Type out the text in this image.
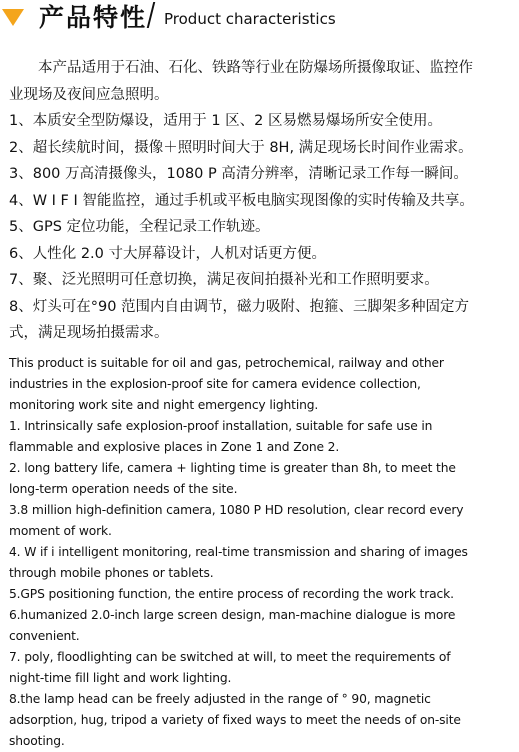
产品特性 Product characteristics

本产品适用于石油、石化、铁路等行业在防爆场所摄像取证、监控作业现场及夜间应急照明。

1、本质安全型防爆设，适用于 1 区、2 区易燃易爆场所安全使用。

2、超长续航时间，摄像＋照明时间大于 8H, 满足现场长时间作业需求。

3、800 万高清摄像头，1080 P 高清分辨率，清晰记录工作每一瞬间。

4、W I F I 智能监控，通过手机或平板电脑实现图像的实时传输及共享。

5、GPS 定位功能，全程记录工作轨迹。

6、人性化 2.0 寸大屏幕设计，人机对话更方便。

7、聚、泛光照明可任意切换，满足夜间拍摄补光和工作照明要求。

8、灯头可在°90 范围内自由调节，磁力吸附、抱箍、三脚架多种固定方式，满足现场拍摄需求。

This product is suitable for oil and gas, petrochemical, railway and other industries in the explosion-proof site for camera evidence collection, monitoring work site and night emergency lighting.

1. Intrinsically safe explosion-proof installation, suitable for safe use in flammable and explosive places in Zone 1 and Zone 2.

2. long battery life, camera + lighting time is greater than 8h, to meet the long-term operation needs of the site.

3.8 million high-definition camera, 1080 P HD resolution, clear record every moment of work.

4. W if i intelligent monitoring, real-time transmission and sharing of images through mobile phones or tablets.

5.GPS positioning function, the entire process of recording the work track.

6.humanized 2.0-inch large screen design, man-machine dialogue is more convenient.

7. poly, floodlighting can be switched at will, to meet the requirements of night-time fill light and work lighting.

8.the lamp head can be freely adjusted in the range of ° 90, magnetic adsorption, hug, tripod a variety of fixed ways to meet the needs of on-site shooting.
